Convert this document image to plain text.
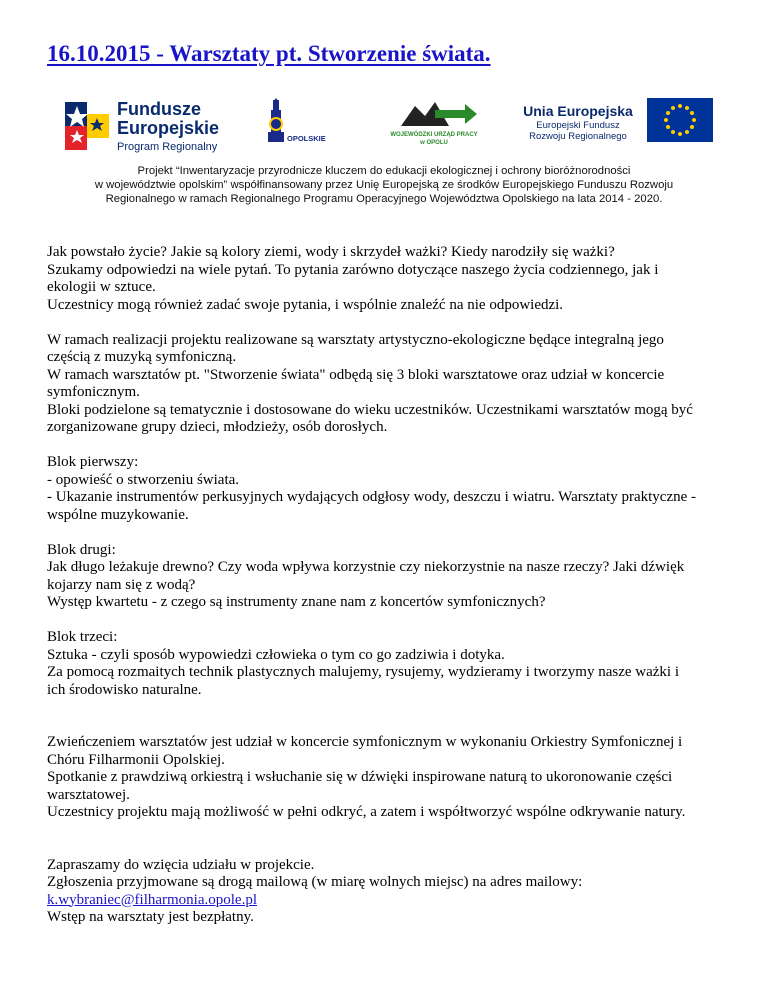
16.10.2015 - Warsztaty pt. Stworzenie świata.
Fundusze
Europejskie
Program Regionalny
OPOLSKIE	WOJEWÓDZKI URZĄD PRACY
w OPOLU
Unia Europejska
Europejski Fundusz
Rozwoju Regionalnego

Projekt “Inwentaryzacje przyrodnicze kluczem do edukacji ekologicznej i ochrony bioróżnorodności
w województwie opolskim” współfinansowany przez Unię Europejską ze środków Europejskiego Funduszu Rozwoju
Regionalnego w ramach Regionalnego Programu Operacyjnego Województwa Opolskiego na lata 2014 - 2020.

Jak powstało życie? Jakie są kolory ziemi, wody i skrzydeł ważki? Kiedy narodziły się ważki?
Szukamy odpowiedzi na wiele pytań. To pytania zarówno dotyczące naszego życia codziennego, jak i
ekologii w sztuce.
Uczestnicy mogą również zadać swoje pytania, i wspólnie znaleźć na nie odpowiedzi.

W ramach realizacji projektu realizowane są warsztaty artystyczno-ekologiczne będące integralną jego
częścią z muzyką symfoniczną.
W ramach warsztatów pt. "Stworzenie świata" odbędą się 3 bloki warsztatowe oraz udział w koncercie
symfonicznym.
Bloki podzielone są tematycznie i dostosowane do wieku uczestników. Uczestnikami warsztatów mogą być
zorganizowane grupy dzieci, młodzieży, osób dorosłych.

Blok pierwszy:
- opowieść o stworzeniu świata.
- Ukazanie instrumentów perkusyjnych wydających odgłosy wody, deszczu i wiatru. Warsztaty praktyczne -
wspólne muzykowanie.

Blok drugi:
Jak długo leżakuje drewno? Czy woda wpływa korzystnie czy niekorzystnie na nasze rzeczy? Jaki dźwięk
kojarzy nam się z wodą?
Występ kwartetu - z czego są instrumenty znane nam z koncertów symfonicznych?

Blok trzeci:
Sztuka - czyli sposób wypowiedzi człowieka o tym co go zadziwia i dotyka.
Za pomocą rozmaitych technik plastycznych malujemy, rysujemy, wydzieramy i tworzymy nasze ważki i
ich środowisko naturalne.

Zwieńczeniem warsztatów jest udział w koncercie symfonicznym w wykonaniu Orkiestry Symfonicznej i
Chóru Filharmonii Opolskiej.
Spotkanie z prawdziwą orkiestrą i wsłuchanie się w dźwięki inspirowane naturą to ukoronowanie części
warsztatowej.
Uczestnicy projektu mają możliwość w pełni odkryć, a zatem i współtworzyć wspólne odkrywanie natury.

Zapraszamy do wzięcia udziału w projekcie.
Zgłoszenia przyjmowane są drogą mailową (w miarę wolnych miejsc) na adres mailowy:
k.wybraniec@filharmonia.opole.pl
Wstęp na warsztaty jest bezpłatny.
